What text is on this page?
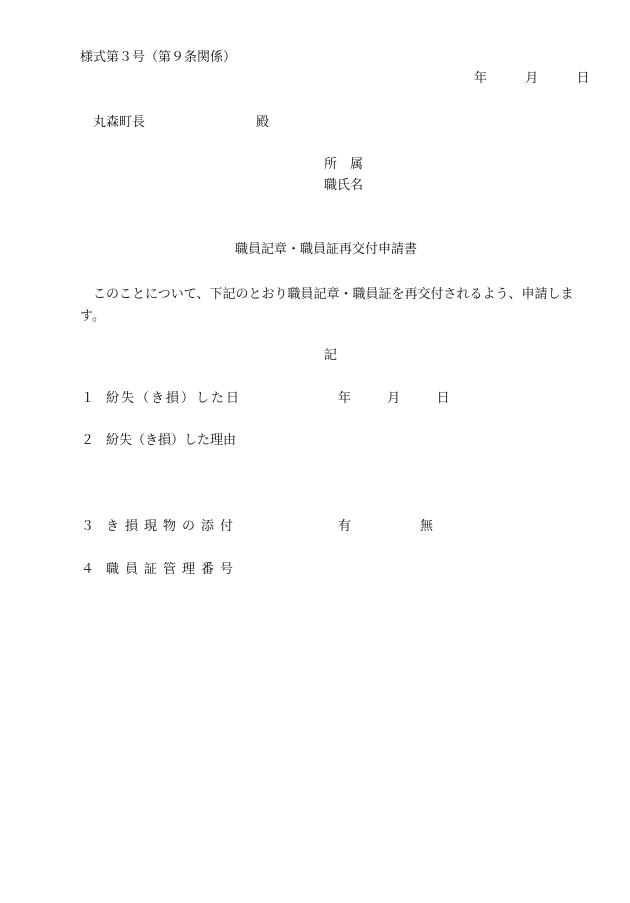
様式第３号（第９条関係）
年	月	日
丸森町長	殿
所　属
職氏名
職員記章・職員証再交付申請書
このことについて、下記のとおり職員記章・職員証を再交付されるよう、申請します。
記
１ 紛失（き損）した日	年	月	日
２ 紛失（き損）した理由
３ き損現物の添付	有	無
４ 職員証管理番号
